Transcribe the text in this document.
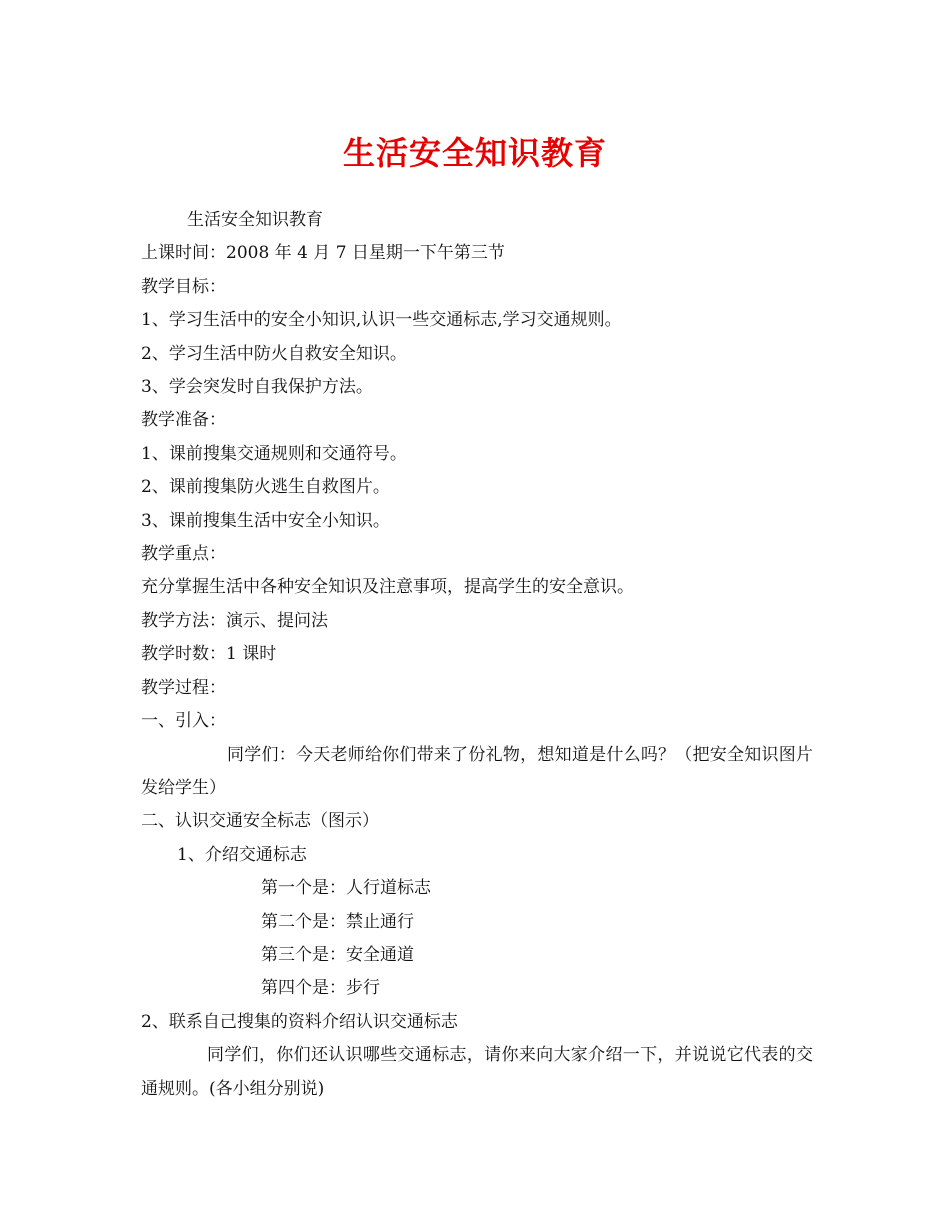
生活安全知识教育
生活安全知识教育
上课时间：2008 年 4 月 7 日星期一下午第三节
教学目标：
1、学习生活中的安全小知识,认识一些交通标志,学习交通规则。
2、学习生活中防火自救安全知识。
3、学会突发时自我保护方法。
教学准备：
1、课前搜集交通规则和交通符号。
2、课前搜集防火逃生自救图片。
3、课前搜集生活中安全小知识。
教学重点：
充分掌握生活中各种安全知识及注意事项，提高学生的安全意识。
教学方法：演示、提问法
教学时数：1 课时
教学过程：
一、引入：
同学们：今天老师给你们带来了份礼物，想知道是什么吗？（把安全知识图片发给学生）
二、认识交通安全标志（图示）
1、介绍交通标志
第一个是：人行道标志
第二个是：禁止通行
第三个是：安全通道
第四个是：步行
2、联系自己搜集的资料介绍认识交通标志
同学们，你们还认识哪些交通标志，请你来向大家介绍一下，并说说它代表的交通规则。(各小组分别说)
